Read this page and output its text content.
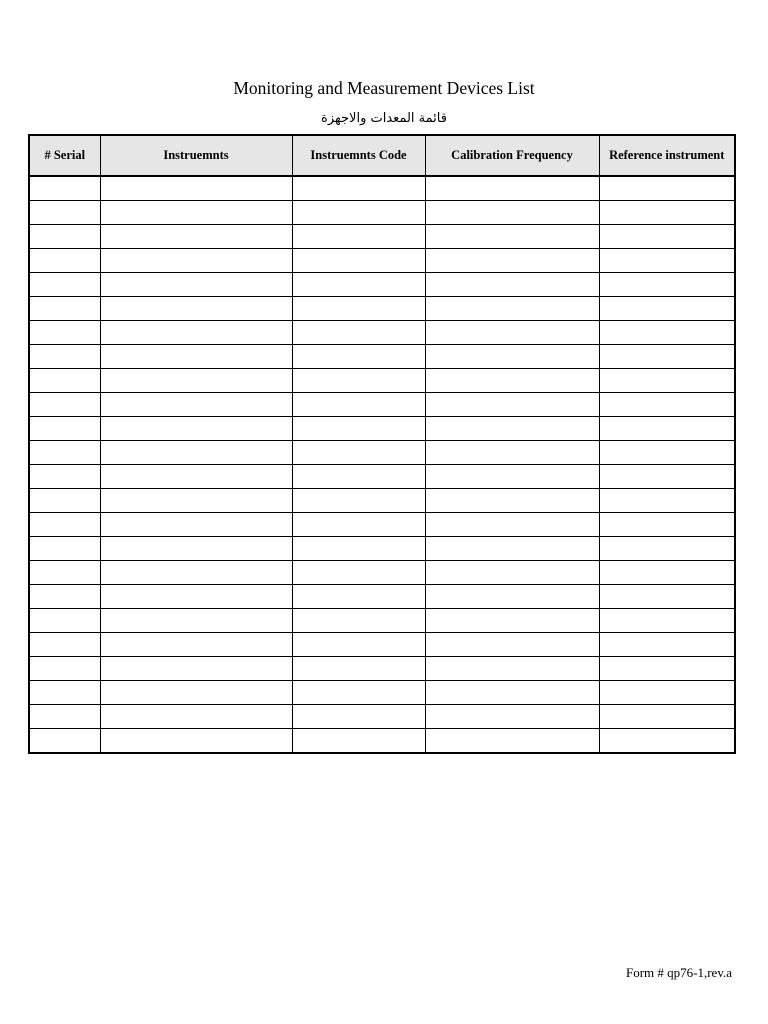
Monitoring and Measurement Devices List
قائمة المعدات والاجهزة
# Serial	Instruemnts	Instruemnts Code	Calibration Frequency	Reference instrument

Form # qp76-1,rev.a
